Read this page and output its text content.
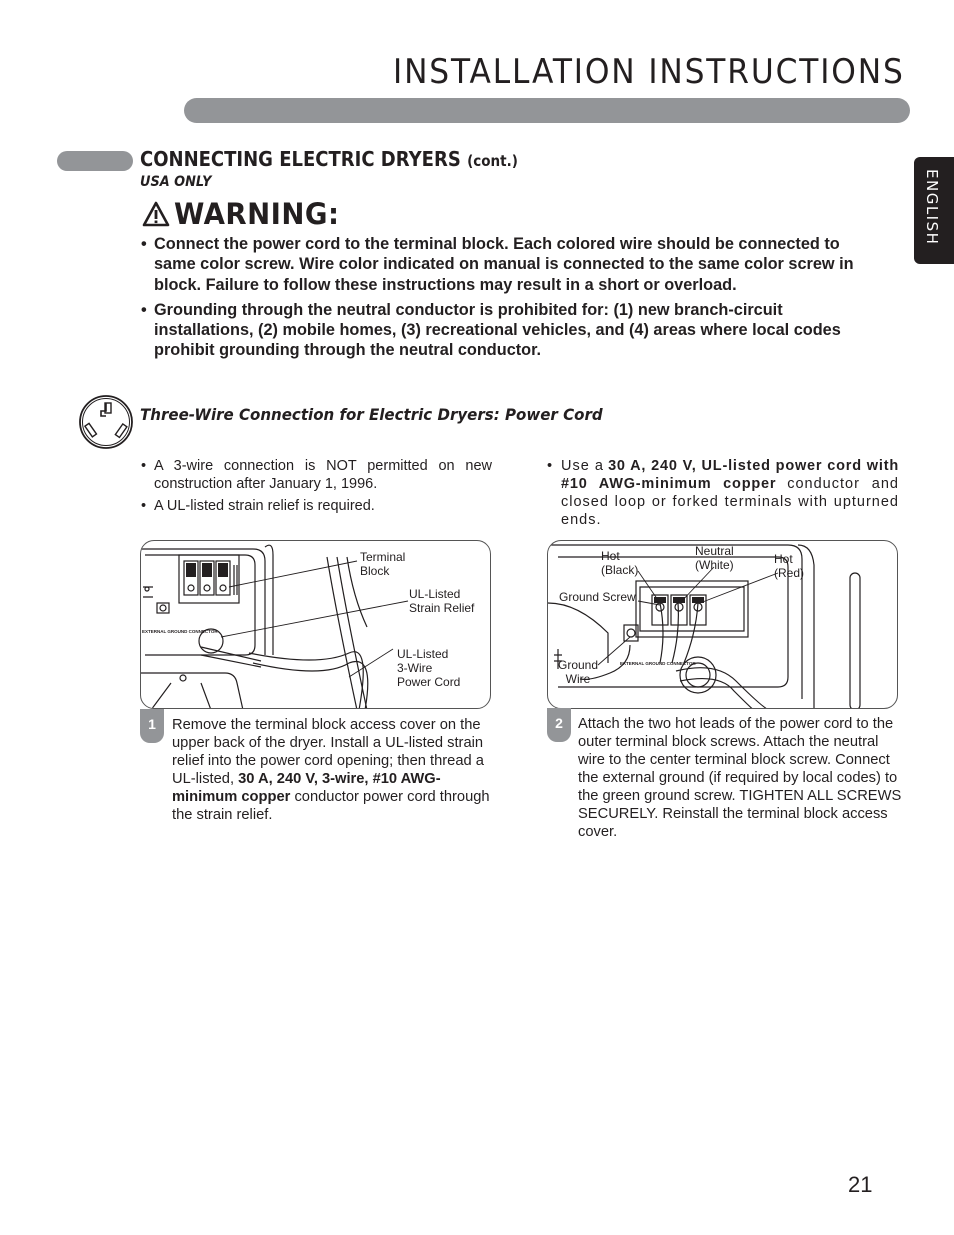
INSTALLATION INSTRUCTIONS
ENGLISH
CONNECTING ELECTRIC DRYERS (cont.)
USA ONLY
WARNING:
• Connect the power cord to the terminal block. Each colored wire should be connected to same color screw. Wire color indicated on manual is connected to the same color screw in block. Failure to follow these instructions may result in a short or overload.
• Grounding through the neutral conductor is prohibited for: (1) new branch-circuit installations, (2) mobile homes, (3) recreational vehicles, and (4) areas where local codes prohibit grounding through the neutral conductor.
Three-Wire Connection for Electric Dryers: Power Cord
• A 3-wire connection is NOT permitted on new construction after January 1, 1996.
• A UL-listed strain relief is required.
• Use a 30 A, 240 V, UL-listed power cord with #10 AWG-minimum copper conductor and closed loop or forked terminals with upturned ends.
EXTERNAL GROUND CONNECTOR
Terminal
Block
UL-Listed
Strain Relief
UL-Listed
3-Wire
Power Cord
1	Remove the terminal block access cover on the upper back of the dryer. Install a UL-listed strain relief into the power cord opening; then thread a UL-listed, 30 A, 240 V, 3-wire, #10 AWG-minimum copper conductor power cord through the strain relief.
EXTERNAL GROUND CONNECTOR
Hot
(Black)
Neutral
(White)	Hot
(Red)
Ground Screw
Ground
Wire
2	Attach the two hot leads of the power cord to the outer terminal block screws. Attach the neutral wire to the center terminal block screw. Connect the external ground (if required by local codes) to the green ground screw. TIGHTEN ALL SCREWS SECURELY. Reinstall the terminal block access cover.
21
